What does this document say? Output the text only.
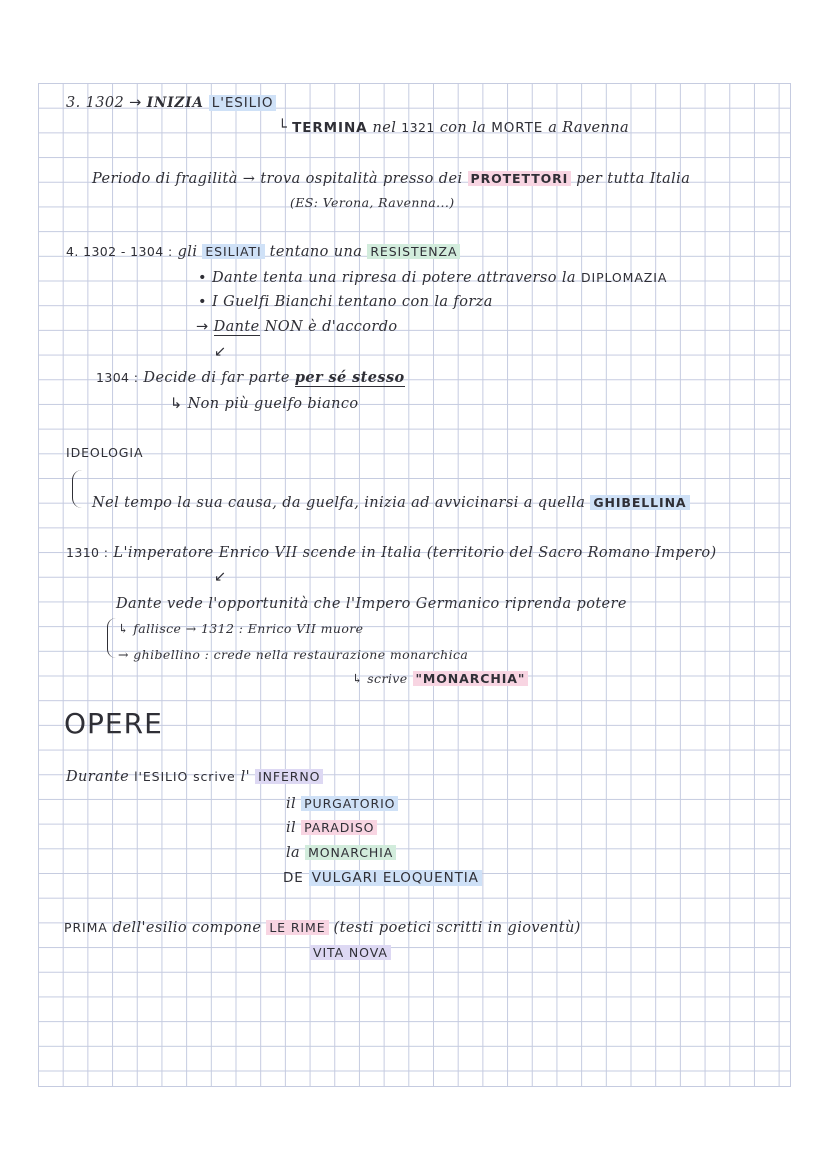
3. 1302 → INIZIA L'ESILIO
└ TERMINA nel 1321 con la MORTE a Ravenna
Periodo di fragilità → trova ospitalità presso dei PROTETTORI per tutta Italia
(ES: Verona, Ravenna...)
4. 1302 - 1304 : gli ESILIATI tentano una RESISTENZA
• Dante tenta una ripresa di potere attraverso la DIPLOMAZIA
• I Guelfi Bianchi tentano con la forza
→ Dante NON è d'accordo
↙
1304 : Decide di far parte per sé stesso
↳ Non più guelfo bianco
IDEOLOGIA
Nel tempo la sua causa, da guelfa, inizia ad avvicinarsi a quella GHIBELLINA
1310 : L'imperatore Enrico VII scende in Italia (territorio del Sacro Romano Impero)
↙
Dante vede l'opportunità che l'Impero Germanico riprenda potere
↳ fallisce → 1312 : Enrico VII muore
→ ghibellino : crede nella restaurazione monarchica
↳ scrive "MONARCHIA"
OPERE
Durante l'ESILIO scrive l' INFERNO
il PURGATORIO
il PARADISO
la MONARCHIA
DE VULGARI ELOQUENTIA
PRIMA dell'esilio compone LE RIME (testi poetici scritti in gioventù)
VITA NOVA
